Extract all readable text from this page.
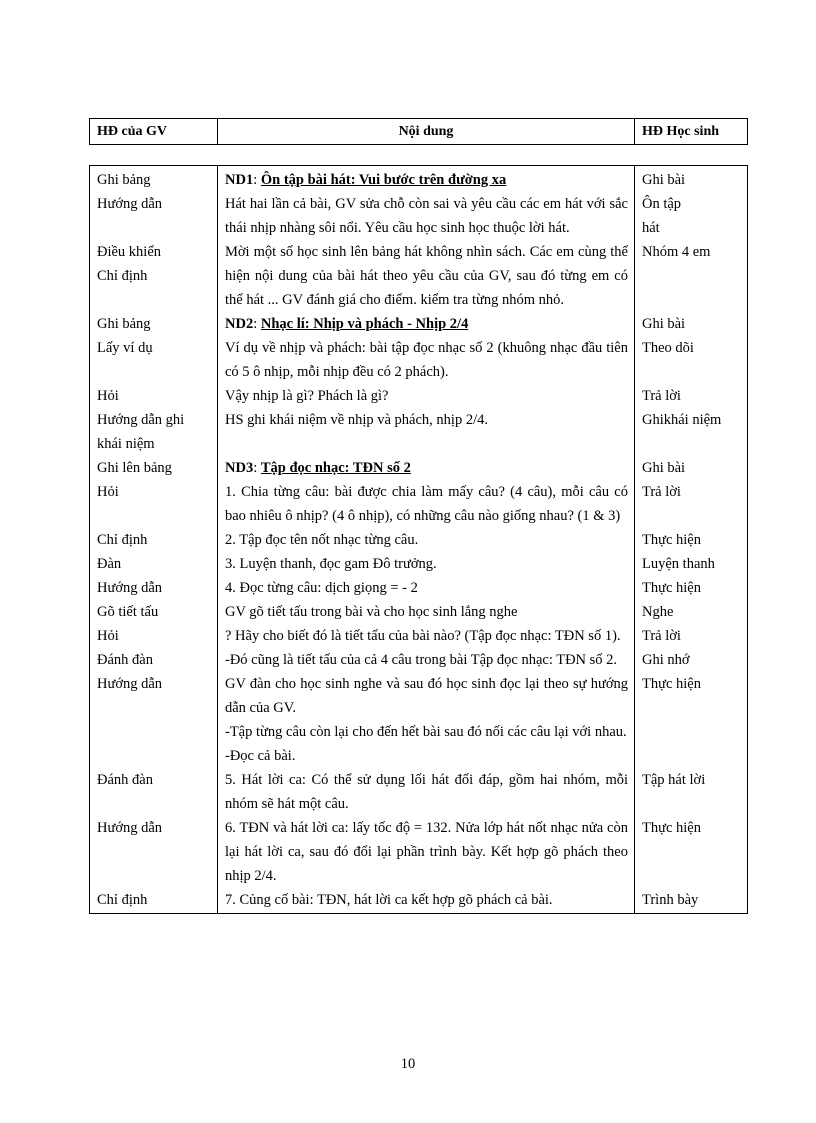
HĐ của GV	Nội dung	HĐ Học sinh
Ghi bảng	ND1: Ôn tập bài hát: Vui bước trên đường xa	Ghi bài

Hướng dẫn	Hát hai lần cả bài, GV sửa chỗ còn sai và yêu cầu các em hát với sắc thái nhịp nhàng sôi nổi. Yêu cầu học sinh học thuộc lời hát.	Ôn tập
hát

Điều khiển
Chỉ định	Mời một số học sinh lên bảng hát không nhìn sách. Các em cùng thể hiện nội dung của bài hát theo yêu cầu của GV, sau đó từng em có thể hát ... GV đánh giá cho điểm. kiểm tra từng nhóm nhỏ.	Nhóm 4 em

Ghi bảng	ND2: Nhạc lí: Nhịp và phách - Nhịp 2/4	Ghi bài

Lấy ví dụ	Ví dụ về nhịp và phách: bài tập đọc nhạc số 2 (khuông nhạc đầu tiên có 5 ô nhịp, mỗi nhịp đều có 2 phách).	Theo dõi

Hỏi	Vậy nhịp là gì? Phách là gì?	Trả lời

Hướng dẫn ghi khái niệm	HS ghi khái niệm về nhịp và phách, nhịp 2/4.	Ghikhái niệm

Ghi lên bảng	ND3: Tập đọc nhạc: TĐN số 2	Ghi bài

Hỏi	1. Chia từng câu: bài được chia làm mấy câu? (4 câu), mỗi câu có bao nhiêu ô nhịp? (4 ô nhịp), có những câu nào giống nhau? (1 & 3)	Trả lời

Chỉ định	2. Tập đọc tên nốt nhạc từng câu.	Thực hiện

Đàn	3. Luyện thanh, đọc gam Đô trưởng.	Luyện thanh

Hướng dẫn	4. Đọc từng câu: dịch giọng = - 2	Thực hiện

Gõ tiết tấu	GV gõ tiết tấu trong bài và cho học sinh lắng nghe	Nghe

Hỏi	? Hãy cho biết đó là tiết tấu của bài nào? (Tập đọc nhạc: TĐN số 1).	Trả lời

Đánh đàn	-Đó cũng là tiết tấu của cả 4 câu trong bài Tập đọc nhạc: TĐN số 2.	Ghi nhớ

Hướng dẫn	GV đàn cho học sinh nghe và sau đó học sinh đọc lại theo sự hướng dẫn của GV.
-Tập từng câu còn lại cho đến hết bài sau đó nối các câu lại với nhau.
-Đọc cả bài.	Thực hiện

Đánh đàn	5. Hát lời ca: Có thể sử dụng lối hát đối đáp, gồm hai nhóm, mỗi nhóm sẽ hát một câu.	Tập hát lời

Hướng dẫn	6. TĐN và hát lời ca: lấy tốc độ = 132. Nửa lớp hát nốt nhạc nửa còn lại hát lời ca, sau đó đổi lại phần trình bày. Kết hợp gõ phách theo nhịp 2/4.	Thực hiện

Chỉ định	7. Củng cố bài: TĐN, hát lời ca kết hợp gõ phách cả bài.	Trình bày
10
